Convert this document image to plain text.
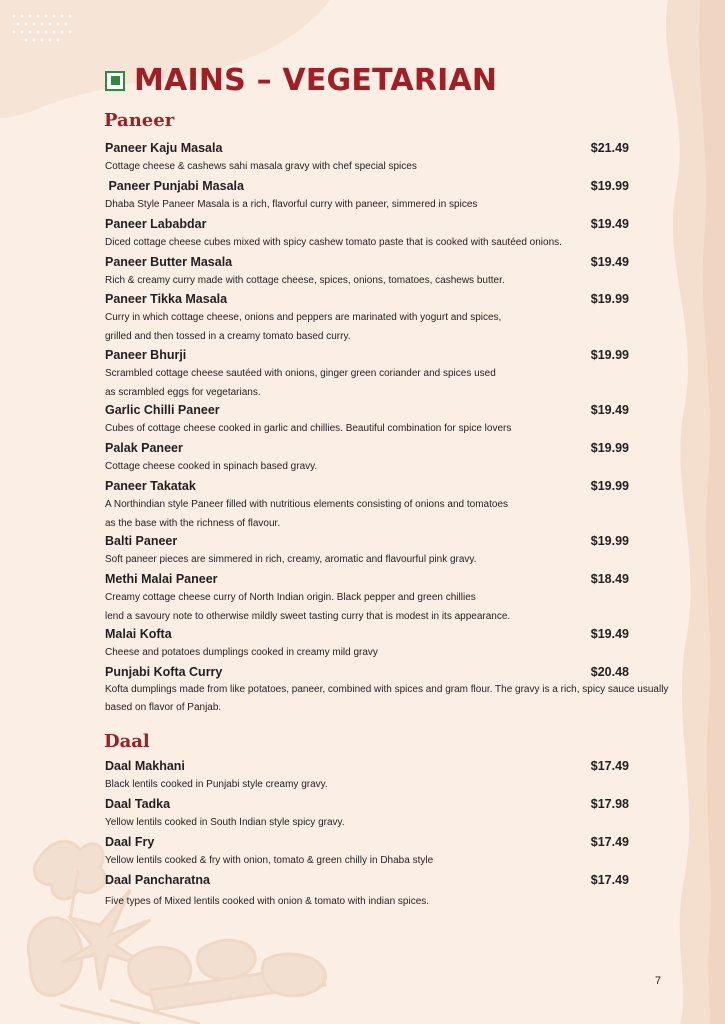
MAINS – VEGETARIAN
Paneer
Paneer Kaju Masala	$21.49
Cottage cheese & cashews sahi masala gravy with chef special spices
Paneer Punjabi Masala	$19.99
Dhaba Style Paneer Masala is a rich, flavorful curry with paneer, simmered in spices
Paneer Lababdar	$19.49
Diced cottage cheese cubes mixed with spicy cashew tomato paste that is cooked with sautéed onions.
Paneer Butter Masala	$19.49
Rich & creamy curry made with cottage cheese, spices, onions, tomatoes, cashews butter.
Paneer Tikka Masala	$19.99
Curry in which cottage cheese, onions and peppers are marinated with yogurt and spices,
grilled and then tossed in a creamy tomato based curry.
Paneer Bhurji	$19.99
Scrambled cottage cheese sautéed with onions, ginger green coriander and spices used
as scrambled eggs for vegetarians.
Garlic Chilli Paneer	$19.49
Cubes of cottage cheese cooked in garlic and chillies. Beautiful combination for spice lovers
Palak Paneer	$19.99
Cottage cheese cooked in spinach based gravy.
Paneer Takatak	$19.99
A Northindian style Paneer filled with nutritious elements consisting of onions and tomatoes
as the base with the richness of flavour.
Balti Paneer	$19.99
Soft paneer pieces are simmered in rich, creamy, aromatic and flavourful pink gravy.
Methi Malai Paneer	$18.49
Creamy cottage cheese curry of North Indian origin. Black pepper and green chillies
lend a savoury note to otherwise mildly sweet tasting curry that is modest in its appearance.
Malai Kofta	$19.49
Cheese and potatoes dumplings cooked in creamy mild gravy
Punjabi Kofta Curry	$20.48
Kofta dumplings made from like potatoes, paneer, combined with spices and gram flour. The gravy is a rich, spicy sauce usually based on flavor of Panjab.
Daal
Daal Makhani	$17.49
Black lentils cooked in Punjabi style creamy gravy.
Daal Tadka	$17.98
Yellow lentils cooked in South Indian style spicy gravy.
Daal Fry	$17.49
Yellow lentils cooked & fry with onion, tomato & green chilly in Dhaba style
Daal Pancharatna	$17.49
Five types of Mixed lentils cooked with onion & tomato with indian spices.
7
